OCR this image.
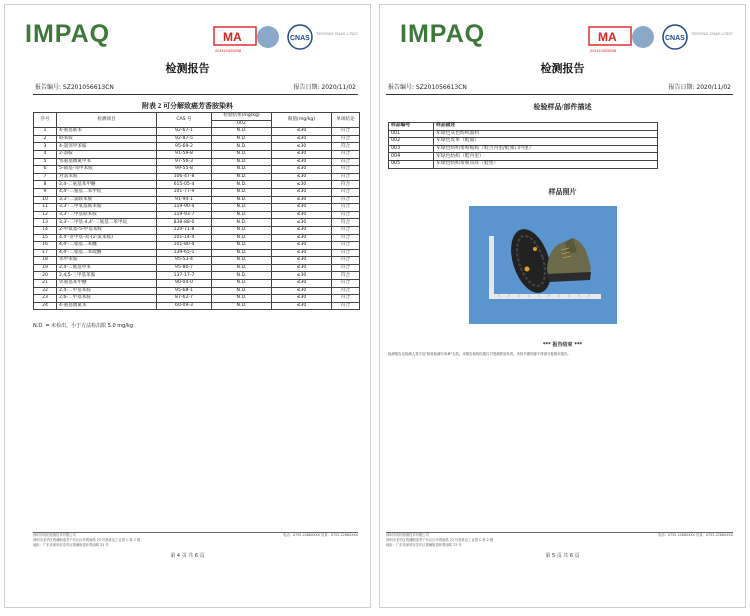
IMPAQ	MA
201119325998
CNAS
TESTING CNAS L7527
检测报告
报告编号: SZ201056613CN	报告日期: 2020/11/02
附表 2 可分解致癌芳香胺染料
序号	检测项目	CAS 号	检验结果(mg/kg)	限值(mg/kg)	单项结论
			002		
1	4-氨基联苯	92-67-1	N.D.	≤30	符合
2	联苯胺	92-87-5	N.D.	≤30	符合
3	4-氯邻甲苯胺	95-69-2	N.D.	≤30	符合
4	2-萘胺	91-59-8	N.D.	≤30	符合
5	邻氨基偶氮甲苯	97-56-3	N.D.	≤30	符合
6	5-硝基-邻甲苯胺	99-55-8	N.D.	≤30	符合
7	对氯苯胺	106-47-8	N.D.	≤30	符合
8	2,4-二氨基苯甲醚	615-05-4	N.D.	≤30	符合
9	4,4'-二氨基二苯甲烷	101-77-9	N.D.	≤30	符合
10	3,3'-二氯联苯胺	91-94-1	N.D.	≤30	符合
11	3,3'-二甲氧基联苯胺	119-90-4	N.D.	≤30	符合
12	3,3'-二甲基联苯胺	119-93-7	N.D.	≤30	符合
13	3,3'-二甲基-4,4'-二氨基二苯甲烷	838-88-0	N.D.	≤30	符合
14	2-甲氧基-5-甲基苯胺	120-71-8	N.D.	≤30	符合
15	4,4'-亚甲基-双-(2-氯苯胺)	101-14-4	N.D.	≤30	符合
16	4,4'-二氨基二苯醚	101-80-4	N.D.	≤30	符合
17	4,4'-二氨基二苯硫醚	139-65-1	N.D.	≤30	符合
18	邻甲苯胺	95-53-4	N.D.	≤30	符合
19	2,4-二氨基甲苯	95-80-7	N.D.	≤30	符合
20	2,4,5-三甲基苯胺	137-17-7	N.D.	≤30	符合
21	邻氨基苯甲醚	90-04-0	N.D.	≤30	符合
22	2,4-二甲基苯胺	95-68-1	N.D.	≤30	符合
23	2,6-二甲基苯胺	87-62-7	N.D.	≤30	符合
24	4-氨基偶氮苯	60-09-3	N.D.	≤30	符合
N.D. = 未检出，小于方法检出限 5.0 mg/kg
深圳市英柏检测技术有限公司
深圳市龙华区观澜街道君子布社区环观南路 23 号凯豪达工业园 C 栋 2 楼
地址：广东省深圳市龙华区观澜街道环观南路 23 号
电话：0755-2266XXXX 传真：0755-2266XXXX
第 4 页 共 6 页
IMPAQ	MA
201119325998
CNAS
TESTING CNAS L7527
检测报告
报告编号: SZ201056613CN	报告日期: 2020/11/02
检验样品/部件描述
样品编号	样品描述
001	军绿色灰色纺织面料
002	军绿色皮革（鞋面）
003	军绿色纺织带和贴标（鞋舌内里/鞋领口内里）
004	军绿色纺织（鞋内里）
005	军绿色纺织带和吊环（鞋垫）
样品照片
*** 报告结束 ***
检测报告无检测人签字及"检验检测专用章"无效。本报告检验结果仅对受测样品负责。未经书面同意不得部分复制本报告。
深圳市英柏检测技术有限公司
深圳市龙华区观澜街道君子布社区环观南路 23 号凯豪达工业园 C 栋 2 楼
地址：广东省深圳市龙华区观澜街道环观南路 23 号
电话：0755-2266XXXX 传真：0755-2266XXXX
第 5 页 共 6 页
